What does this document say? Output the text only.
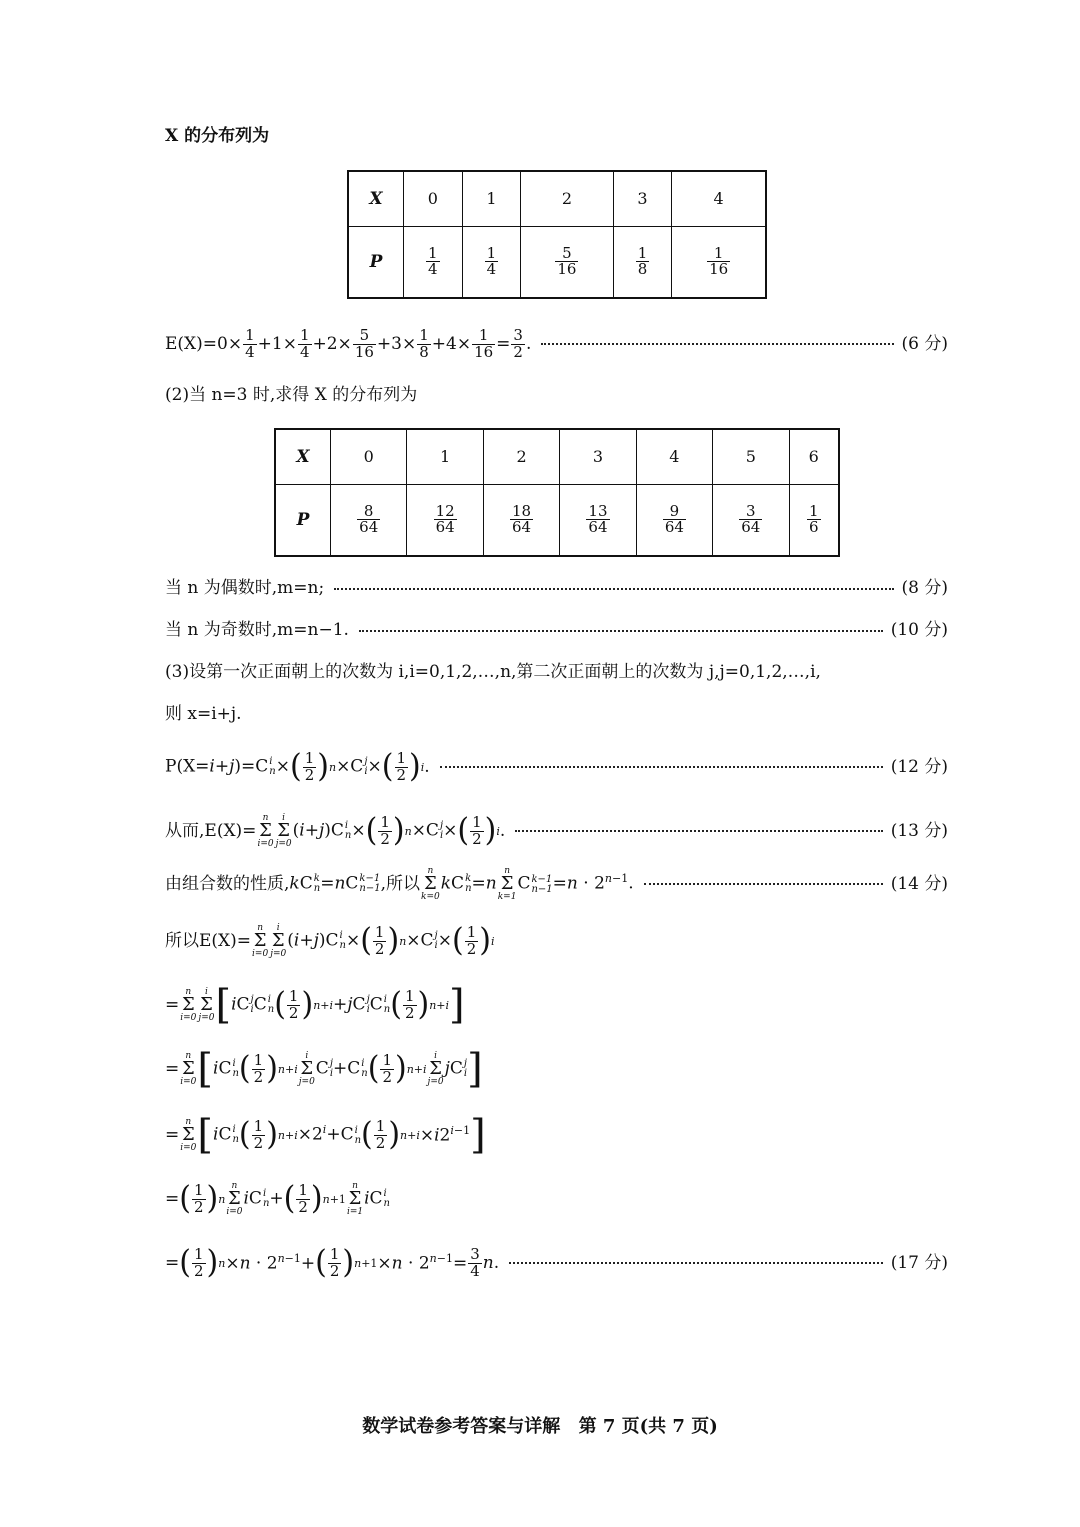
X 的分布列为
X	0	1	2	3	4
P	$\frac{1}{4}$	$\frac{1}{4}$	$\frac{5}{16}$	$\frac{1}{8}$	$\frac{1}{16}$
$E(X)=0\times \frac{1}{4} +1\times \frac{1}{4} +2\times \frac{5}{16} +3\times \frac{1}{8} +4\times \frac{1}{16} = \frac{3}{2}$ .	(6 分)
(2)当 n=3 时,求得 X 的分布列为
X	0	1	2	3	4	5	6
P	$\frac{8}{64}$	$\frac{12}{64}$	$\frac{18}{64}$	$\frac{13}{64}$	$\frac{9}{64}$	$\frac{3}{64}$	$\frac{1}{6}$
当 n 为偶数时,m=n;	(8 分)
当 n 为奇数时,m=n−1.	(10 分)
(3)设第一次正面朝上的次数为 i,i=0,1,2,…,n,第二次正面朝上的次数为 j,j=0,1,2,…,i,
则 x=i+j.
P(X=i+j)=C i
n × ( $\frac{1}{2}$ ) n ×C j
i × ( $\frac{1}{2}$ ) i .	(12 分)
从而, E(X)=
n
Σ
i=0
i
Σ
j=0
(i+j)C i
n × ( $\frac{1}{2}$ ) n ×C j
i × ( $\frac{1}{2}$ ) i .	(13 分)
由组合数的性质, kC k
n =nC k−1
n−1 ,所以
n
Σ
k=0
kC k
n =n
n
Σ
k=1
C k−1
$n-1 =n \cdot 2^{n-1}$.	(14 分)
所以 E(X)=
n
Σ
i=0
i
Σ
j=0
(i+j)C i
n × ( $\frac{1}{2}$ ) n ×C j
i × ( $\frac{1}{2}$ ) i
=
n
Σ
i=0
i
Σ
j=0 [ iC j
i C i
n ( $\frac{1}{2}$ ) n+i +jC j
i C i
n ( $\frac{1}{2}$ ) n+i ]
=
n
Σ
i=0 [ iC i
n ( $\frac{1}{2}$ ) n+i
i
Σ
j=0
C j
i +C i
n ( $\frac{1}{2}$ ) n+i
i
Σ
j=0
jC j
i ]
=
n
Σ
i=0 [ iC i
n ( $\frac{1}{2}$ ) $n+i \times 2^i+C$ i
n ( $\frac{1}{2}$ ) $n+i \times i2^{i-1}$ ]
= ( $\frac{1}{2}$ ) n
n
Σ
i=0
iC i
n + ( $\frac{1}{2}$ ) n+1
n
Σ
i=1
iC i
n
= ( $\frac{1}{2}$ ) $n \times n \cdot 2^{n-1}+$ ( $\frac{1}{2}$ ) $n+1 \times n \cdot 2^{n-1}= \frac{3}{4} n$.	(17 分)
数学试卷参考答案与详解 第 7 页(共 7 页)
